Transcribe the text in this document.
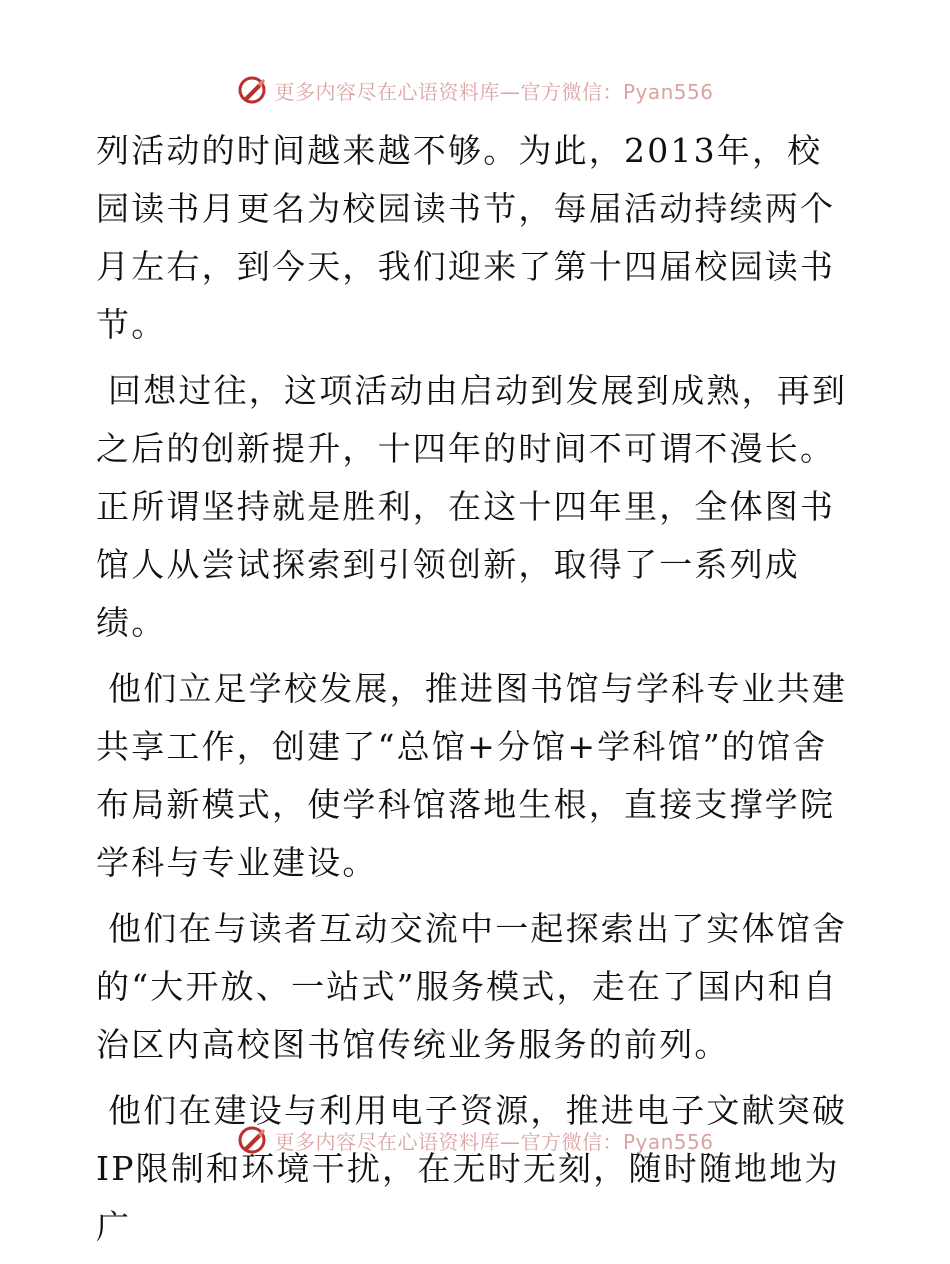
更多内容尽在心语资料库—官方微信：Pyan556

列活动的时间越来越不够。为此，2013年，校园读书月更名为校园读书节，每届活动持续两个月左右，到今天，我们迎来了第十四届校园读书节。

回想过往，这项活动由启动到发展到成熟，再到之后的创新提升，十四年的时间不可谓不漫长。正所谓坚持就是胜利，在这十四年里，全体图书馆人从尝试探索到引领创新，取得了一系列成绩。

他们立足学校发展，推进图书馆与学科专业共建共享工作，创建了“总馆+分馆+学科馆”的馆舍布局新模式，使学科馆落地生根，直接支撑学院学科与专业建设。

他们在与读者互动交流中一起探索出了实体馆舍的“大开放、一站式”服务模式，走在了国内和自治区内高校图书馆传统业务服务的前列。

他们在建设与利用电子资源，推进电子文献突破IP限制和环境干扰，在无时无刻，随时随地地为广

更多内容尽在心语资料库—官方微信：Pyan556
